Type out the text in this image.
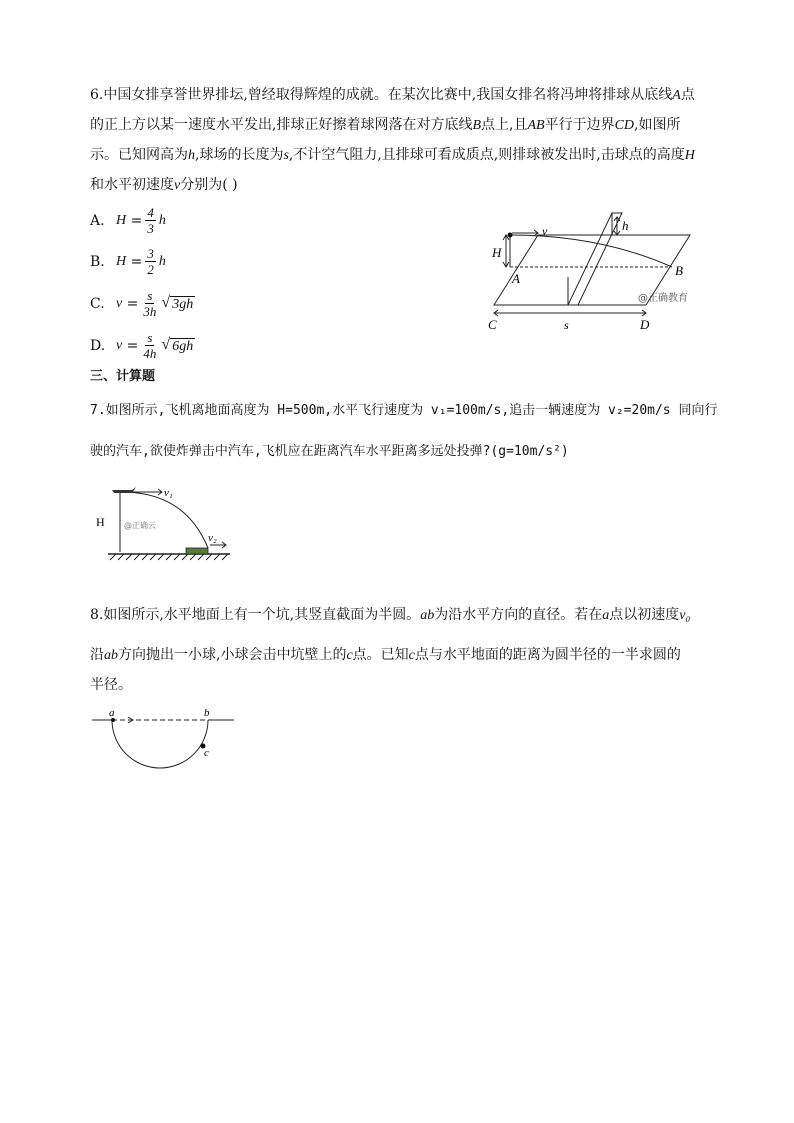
6.中国女排享誉世界排坛,曾经取得辉煌的成就。在某次比赛中,我国女排名将冯坤将排球从底线A点
的正上方以某一速度水平发出,排球正好擦着球网落在对方底线B点上,且AB平行于边界CD,如图所
示。已知网高为h,球场的长度为s,不计空气阻力,且排球可看成质点,则排球被发出时,击球点的高度H
和水平初速度v分别为( )
A. H
= $\frac{4}{3}$ h
B. H
= $\frac{3}{2}$ h
C. v
= $\frac{s}{3h}$ √ 3gh
D. v
= $\frac{s}{4h}$ √ 6gh
H
h
v
A
B
C	D
s
@正确教育
三、计算题
7.如图所示,飞机离地面高度为 H=500m,水平飞行速度为 v₁=100m/s,追击一辆速度为 v₂=20m/s 同向行
驶的汽车,欲使炸弹击中汽车,飞机应在距离汽车水平距离多远处投弹?(g=10m/s²)
H
v₁
v₂
@正确云
8.如图所示,水平地面上有一个坑,其竖直截面为半圆。ab为沿水平方向的直径。若在a点以初速度v₀
沿ab方向抛出一小球,小球会击中坑壁上的c点。已知c点与水平地面的距离为圆半径的一半求圆的
半径。
a	b
c
